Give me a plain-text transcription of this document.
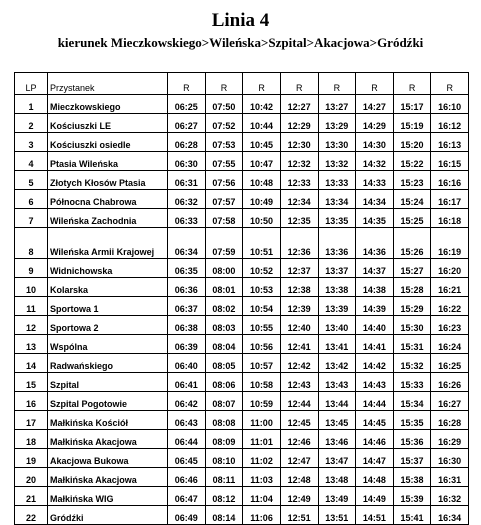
Linia 4
kierunek Mieczkowskiego>Wileńska>Szpital>Akacjowa>Gródźki
LP	Przystanek	R	R	R	R	R	R	R	R
1	Mieczkowskiego	06:25	07:50	10:42	12:27	13:27	14:27	15:17	16:10
2	Kościuszki LE	06:27	07:52	10:44	12:29	13:29	14:29	15:19	16:12
3	Kościuszki osiedle	06:28	07:53	10:45	12:30	13:30	14:30	15:20	16:13
4	Ptasia Wileńska	06:30	07:55	10:47	12:32	13:32	14:32	15:22	16:15
5	Złotych Kłosów Ptasia	06:31	07:56	10:48	12:33	13:33	14:33	15:23	16:16
6	Północna Chabrowa	06:32	07:57	10:49	12:34	13:34	14:34	15:24	16:17
7	Wileńska Zachodnia	06:33	07:58	10:50	12:35	13:35	14:35	15:25	16:18
8	Wileńska Armii Krajowej	06:34	07:59	10:51	12:36	13:36	14:36	15:26	16:19
9	Widnichowska	06:35	08:00	10:52	12:37	13:37	14:37	15:27	16:20
10	Kolarska	06:36	08:01	10:53	12:38	13:38	14:38	15:28	16:21
11	Sportowa 1	06:37	08:02	10:54	12:39	13:39	14:39	15:29	16:22
12	Sportowa 2	06:38	08:03	10:55	12:40	13:40	14:40	15:30	16:23
13	Wspólna	06:39	08:04	10:56	12:41	13:41	14:41	15:31	16:24
14	Radwańskiego	06:40	08:05	10:57	12:42	13:42	14:42	15:32	16:25
15	Szpital	06:41	08:06	10:58	12:43	13:43	14:43	15:33	16:26
16	Szpital Pogotowie	06:42	08:07	10:59	12:44	13:44	14:44	15:34	16:27
17	Małkińska Kościół	06:43	08:08	11:00	12:45	13:45	14:45	15:35	16:28
18	Małkińska Akacjowa	06:44	08:09	11:01	12:46	13:46	14:46	15:36	16:29
19	Akacjowa Bukowa	06:45	08:10	11:02	12:47	13:47	14:47	15:37	16:30
20	Małkińska Akacjowa	06:46	08:11	11:03	12:48	13:48	14:48	15:38	16:31
21	Małkińska WIG	06:47	08:12	11:04	12:49	13:49	14:49	15:39	16:32
22	Gródźki	06:49	08:14	11:06	12:51	13:51	14:51	15:41	16:34
